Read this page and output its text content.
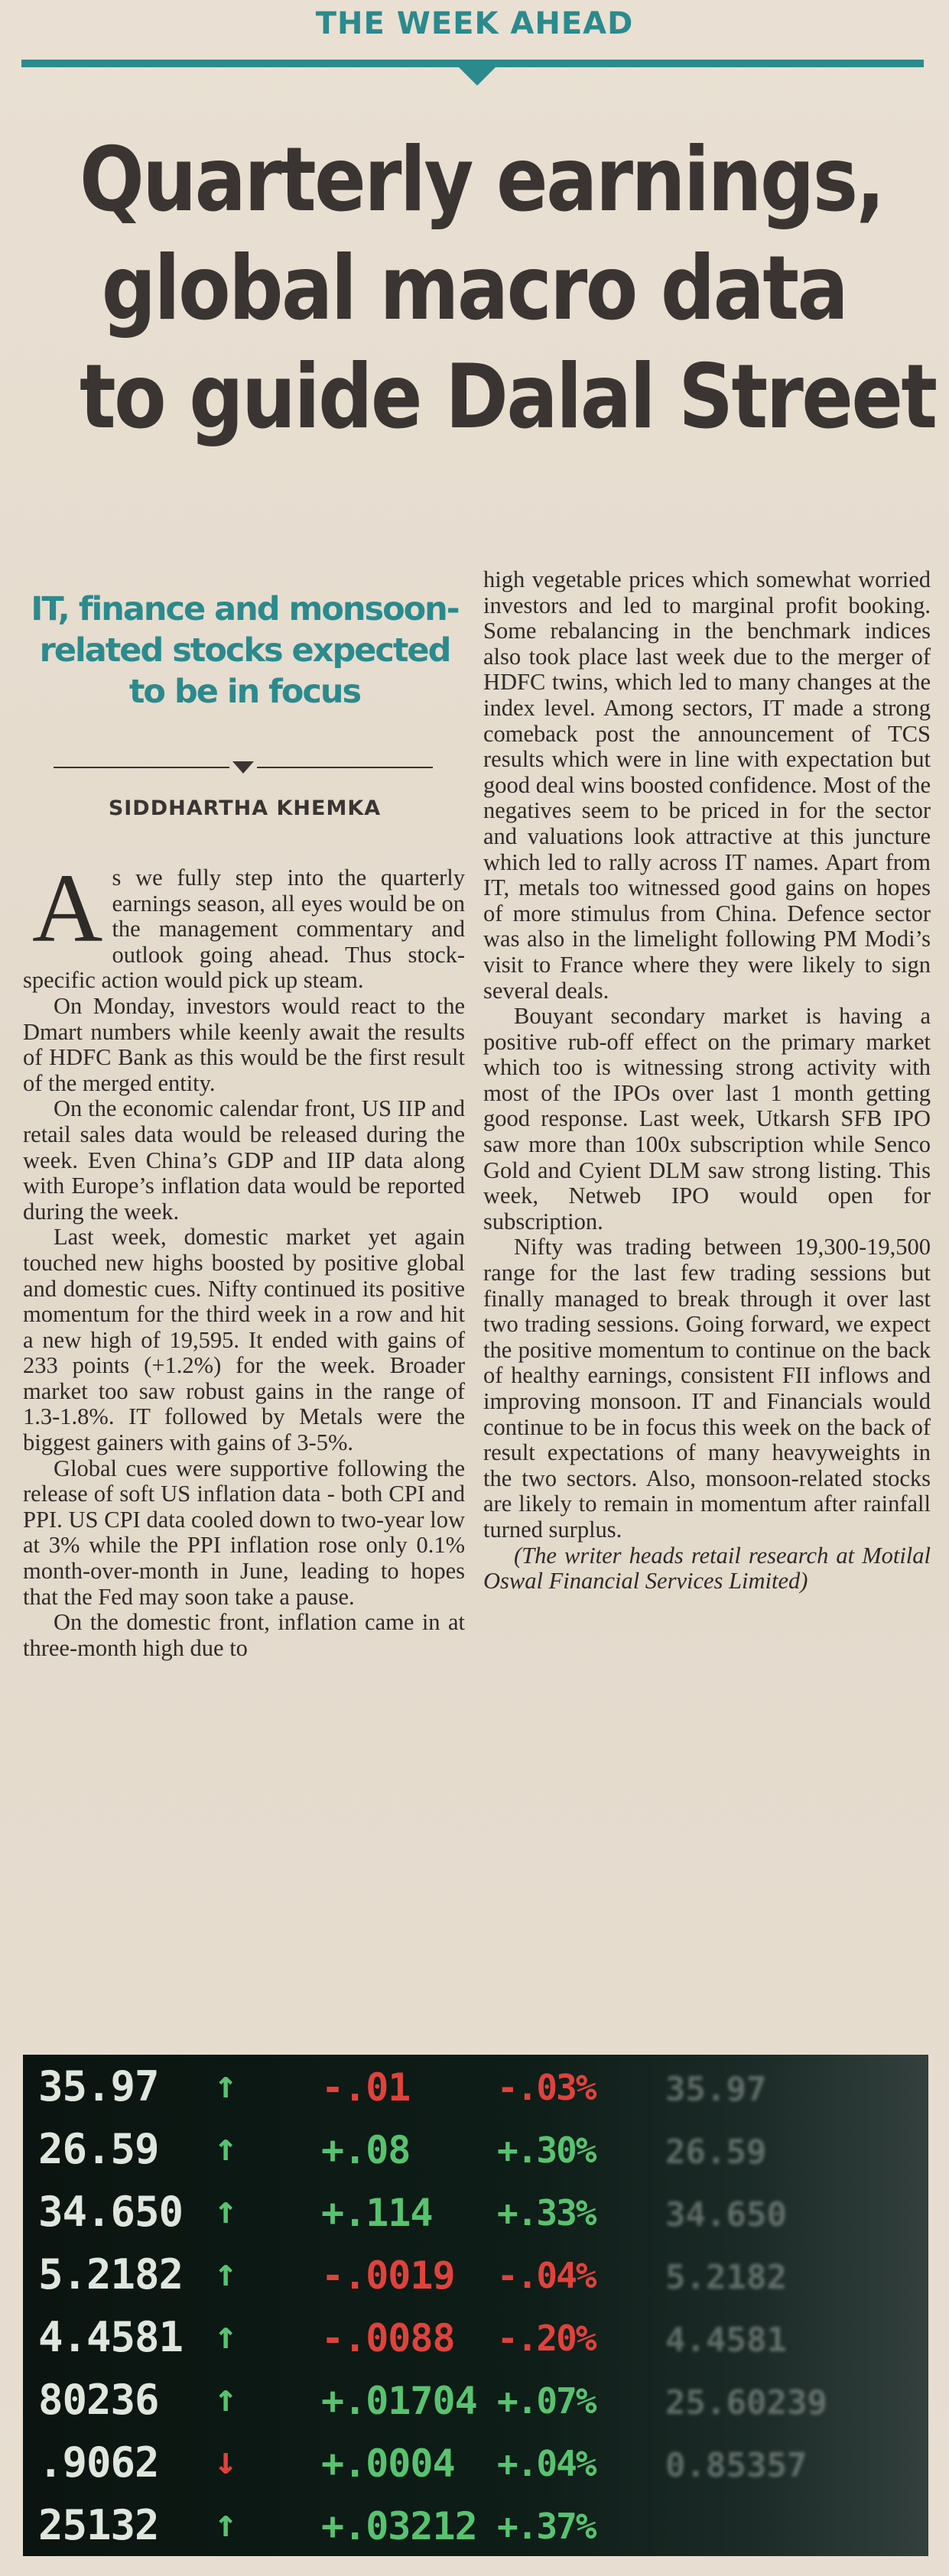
THE WEEK AHEAD
Quarterly earnings,
global macro data
to guide Dalal Street
IT, finance and monsoon-related stocks expected to be in focus
SIDDHARTHA KHEMKA

As we fully step into the quarterly earnings season, all eyes would be on the management commentary and outlook going ahead. Thus stock-specific action would pick up steam.

On Monday, investors would react to the Dmart numbers while keenly await the results of HDFC Bank as this would be the first result of the merged entity.

On the economic calendar front, US IIP and retail sales data would be released during the week. Even China’s GDP and IIP data along with Europe’s inflation data would be reported during the week.

Last week, domestic market yet again touched new highs boosted by positive global and domestic cues. Nifty continued its positive momentum for the third week in a row and hit a new high of 19,595. It ended with gains of 233 points (+1.2%) for the week. Broader market too saw robust gains in the range of 1.3-1.8%. IT followed by Metals were the biggest gainers with gains of 3-5%.

Global cues were supportive following the release of soft US inflation data - both CPI and PPI. US CPI data cooled down to two-year low at 3% while the PPI inflation rose only 0.1% month-over-month in June, leading to hopes that the Fed may soon take a pause.

On the domestic front, inflation came in at three-month high due to

high vegetable prices which somewhat worried investors and led to marginal profit booking. Some rebalancing in the benchmark indices also took place last week due to the merger of HDFC twins, which led to many changes at the index level. Among sectors, IT made a strong comeback post the announcement of TCS results which were in line with expectation but good deal wins boosted confidence. Most of the negatives seem to be priced in for the sector and valuations look attractive at this juncture which led to rally across IT names. Apart from IT, metals too witnessed good gains on hopes of more stimulus from China. Defence sector was also in the limelight following PM Modi’s visit to France where they were likely to sign several deals.

Bouyant secondary market is having a positive rub-off effect on the primary market which too is witnessing strong activity with most of the IPOs over last 1 month getting good response. Last week, Utkarsh SFB IPO saw more than 100x subscription while Senco Gold and Cyient DLM saw strong listing. This week, Netweb IPO would open for subscription.

Nifty was trading between 19,300-19,500 range for the last few trading sessions but finally managed to break through it over last two trading sessions. Going forward, we expect the positive momentum to continue on the back of healthy earnings, consistent FII inflows and improving monsoon. IT and Financials would continue to be in focus this week on the back of result expectations of many heavyweights in the two sectors. Also, monsoon-related stocks are likely to remain in momentum after rainfall turned surplus.

(The writer heads retail research at Motilal Oswal Financial Services Limited)

35.97 ↑ -.01 -.03% 35.97
26.59 ↑ +.08 +.30% 26.59
34.650 ↑ +.114 +.33% 34.650
5.2182 ↑ -.0019 -.04% 5.2182
4.4581 ↑ -.0088 -.20% 4.4581
80236 ↑ +.01704 +.07% 25.60239
.9062 ↓ +.0004 +.04% 0.85357
25132 ↑ +.03212 +.37%
